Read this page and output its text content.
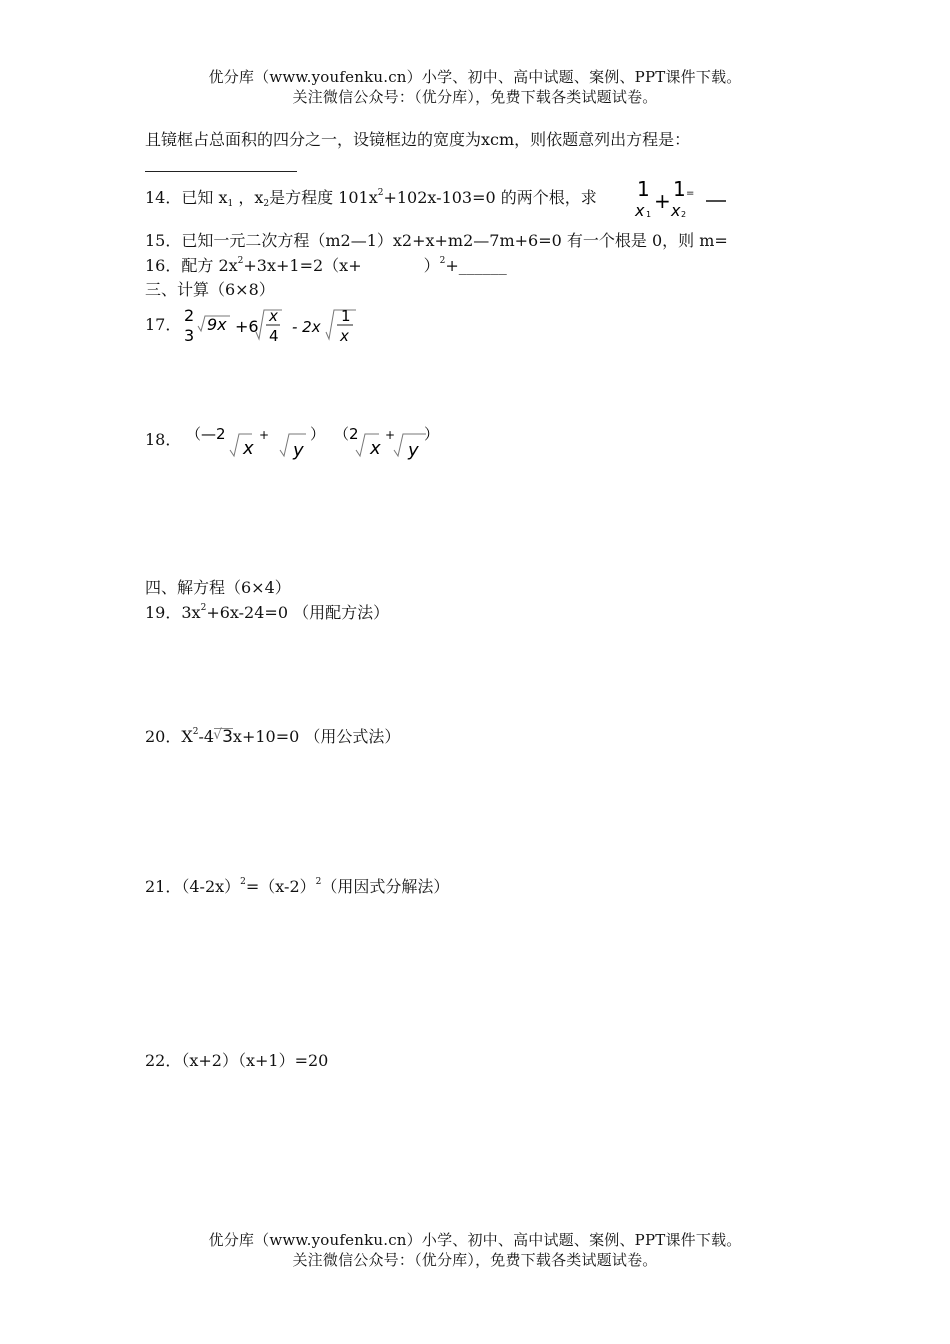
优分库（www.youfenku.cn）小学、初中、高中试题、案例、PPT课件下载。
关注微信公众号：（优分库），免费下载各类试题试卷。
且镜框占总面积的四分之一，设镜框边的宽度为xcm，则依题意列出方程是：
14．已知 $x_1$ ，$x_2$是方程度 $101x^2+102x-103=0$ 的两个根，求 1
x 1
+ 1
x 2
=
15．已知一元二次方程（m2—1）x2+x+m2—7m+6=0 有一个根是 0，则 m=
16．配方 $2x^2+3x+1=2(x+$	）$^2$+______
三、计算（6×8）
17． 2
3
9x +6
x
4 - 2x
1
x
18． （—2
x
+
y
） （2
x
+
y
）
四、解方程（6×4）
19．$3x^2+6x-24=0$ （用配方法）
20．$X^2-4$ √ 3x+10=0 （用公式法）
21．$(4-2x)^2=(x-2)^2$（用因式分解法）
22．（x+2）（x+1）=20
优分库（www.youfenku.cn）小学、初中、高中试题、案例、PPT课件下载。
关注微信公众号：（优分库），免费下载各类试题试卷。
